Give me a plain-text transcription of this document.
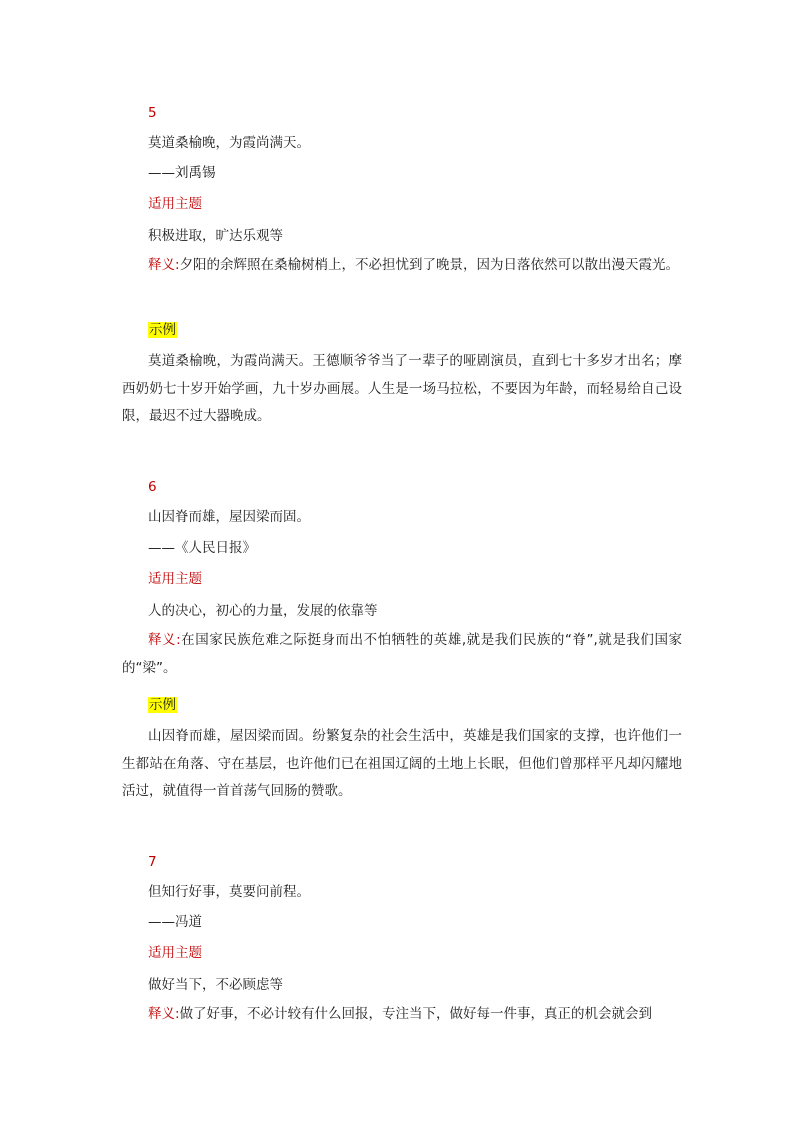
5

莫道桑榆晚，为霞尚满天。

——刘禹锡

适用主题

积极进取，旷达乐观等

释义:夕阳的余辉照在桑榆树梢上，不必担忧到了晚景，因为日落依然可以散出漫天霞光。

示例

莫道桑榆晚，为霞尚满天。王德顺爷爷当了一辈子的哑剧演员，直到七十多岁才出名；摩西奶奶七十岁开始学画，九十岁办画展。人生是一场马拉松，不要因为年龄，而轻易给自己设限，最迟不过大器晚成。

6

山因脊而雄，屋因梁而固。

——《人民日报》

适用主题

人的决心，初心的力量，发展的依靠等

释义:在国家民族危难之际挺身而出不怕牺牲的英雄,就是我们民族的“脊”,就是我们国家的“梁”。

示例

山因脊而雄，屋因梁而固。纷繁复杂的社会生活中，英雄是我们国家的支撑，也许他们一生都站在角落、守在基层，也许他们已在祖国辽阔的土地上长眠，但他们曾那样平凡却闪耀地活过，就值得一首首荡气回肠的赞歌。

7

但知行好事，莫要问前程。

——冯道

适用主题

做好当下，不必顾虑等

释义:做了好事，不必计较有什么回报，专注当下，做好每一件事，真正的机会就会到
